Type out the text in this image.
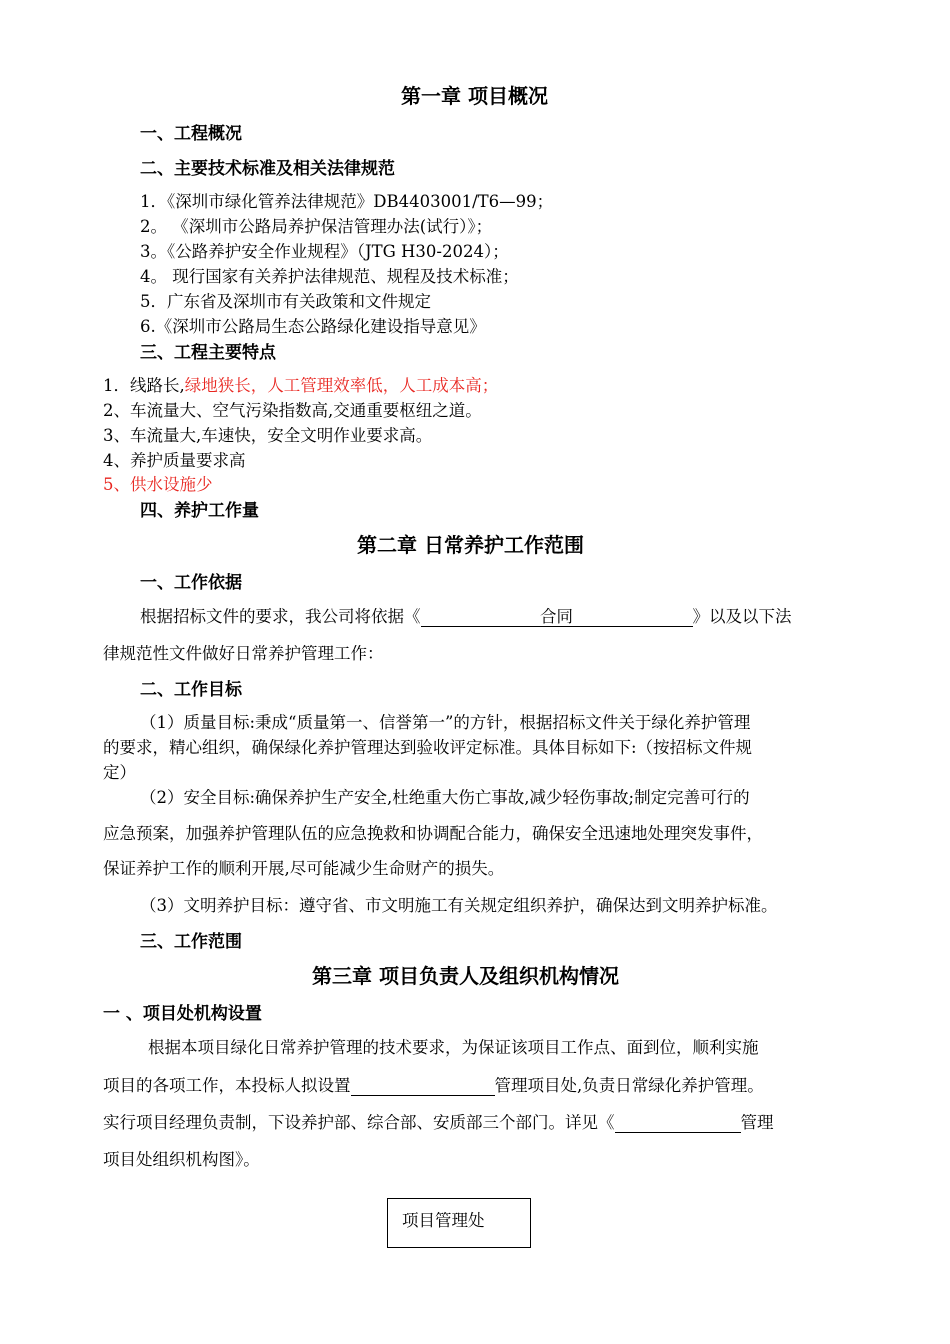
第一章 项目概况
一、工程概况
二、主要技术标准及相关法律规范
1．《深圳市绿化管养法律规范》DB4403001/T6—99；
2。 《深圳市公路局养护保洁管理办法(试行）》；
3。《公路养护安全作业规程》（JTG H30-2024）；
4。 现行国家有关养护法律规范、规程及技术标准；
5．广东省及深圳市有关政策和文件规定
6.《深圳市公路局生态公路绿化建设指导意见》
三、工程主要特点
1．线路长,绿地狭长，人工管理效率低，人工成本高；
2、车流量大、空气污染指数高,交通重要枢纽之道。
3、车流量大,车速快，安全文明作业要求高。
4、养护质量要求高
5、供水设施少
四、养护工作量
第二章 日常养护工作范围
一、工作依据
根据招标文件的要求，我公司将依据《	合同	》以及以下法
律规范性文件做好日常养护管理工作：
二、工作目标
（1）质量目标:秉成“质量第一、信誉第一”的方针，根据招标文件关于绿化养护管理
的要求，精心组织，确保绿化养护管理达到验收评定标准。具体目标如下:（按招标文件规
定）
（2）安全目标:确保养护生产安全,杜绝重大伤亡事故,减少轻伤事故;制定完善可行的
应急预案，加强养护管理队伍的应急挽救和协调配合能力，确保安全迅速地处理突发事件，
保证养护工作的顺利开展,尽可能减少生命财产的损失。
（3）文明养护目标：遵守省、市文明施工有关规定组织养护，确保达到文明养护标准。
三、工作范围
第三章 项目负责人及组织机构情况
一 、项目处机构设置
根据本项目绿化日常养护管理的技术要求，为保证该项目工作点、面到位，顺利实施
项目的各项工作，本投标人拟设置	管理项目处,负责日常绿化养护管理。
实行项目经理负责制，下设养护部、综合部、安质部三个部门。详见《	管理
项目处组织机构图》。
项目管理处
